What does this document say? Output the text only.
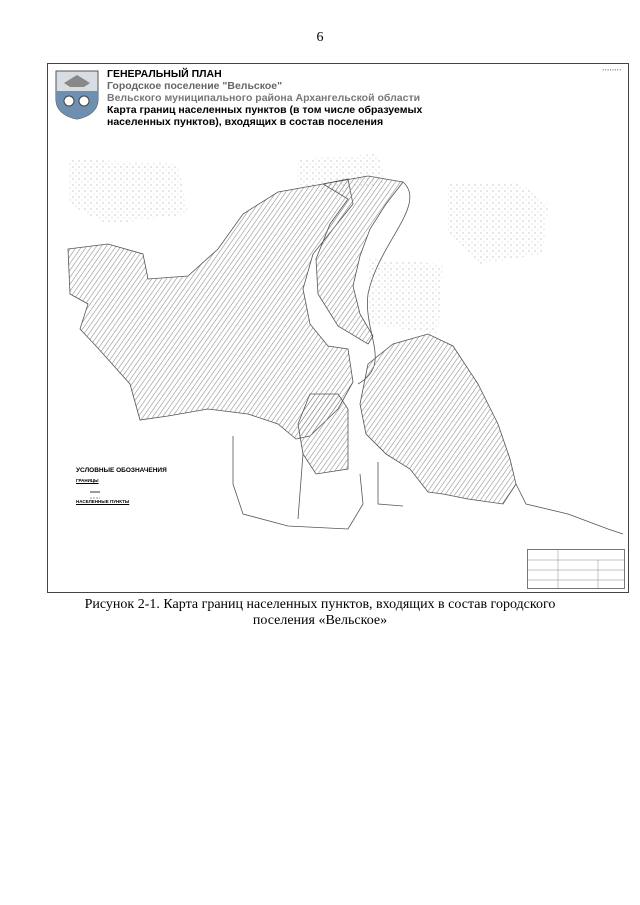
6
▪▪▪▪▪▪▪▪
ГЕНЕРАЛЬНЫЙ ПЛАН
Городское поселение "Вельское"
Вельского муниципального района Архангельской области
Карта границ населенных пунктов (в том числе образуемых
населенных пунктов), входящих в состав поселения
УСЛОВНЫЕ ОБОЗНАЧЕНИЯ
ГРАНИЦЫ
НАСЕЛЕННЫЕ ПУНКТЫ
Рисунок 2-1. Карта границ населенных пунктов, входящих в состав городского
поселения «Вельское»
